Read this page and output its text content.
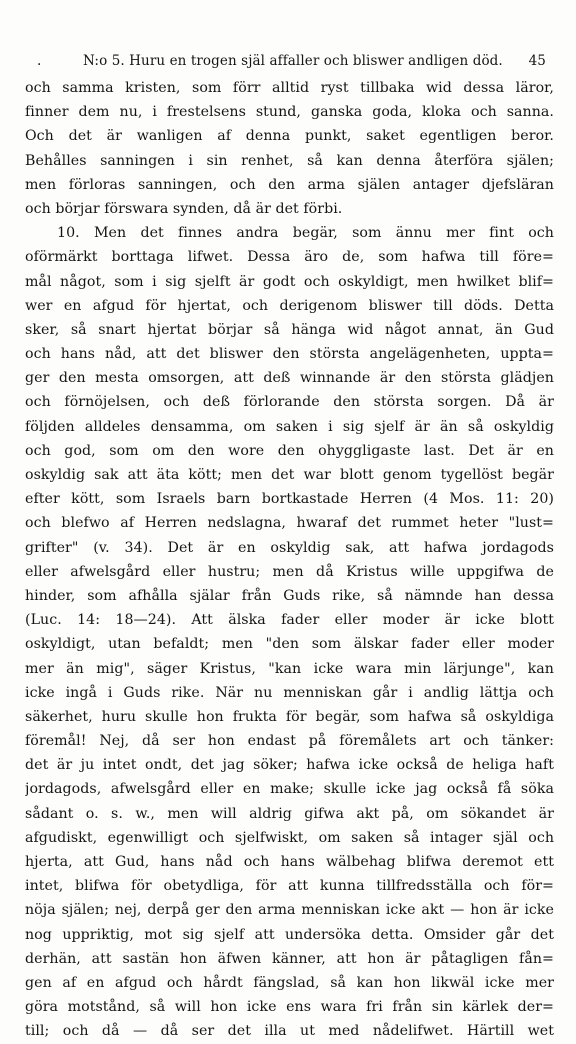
.	N:o 5. Huru en trogen själ affaller och bliswer andligen död. 45
och samma kristen, som förr alltid ryst tillbaka wid dessa läror,
finner dem nu, i frestelsens stund, ganska goda, kloka och sanna.
Och det är wanligen af denna punkt, saket egentligen beror.
Behålles sanningen i sin renhet, så kan denna återföra själen;
men förloras sanningen, och den arma själen antager djefsläran
och börjar förswara synden, då är det förbi.
10. Men det finnes andra begär, som ännu mer fint och
oförmärkt borttaga lifwet. Dessa äro de, som hafwa till före=
mål något, som i sig sjelft är godt och oskyldigt, men hwilket blif=
wer en afgud för hjertat, och derigenom bliswer till döds. Detta
sker, så snart hjertat börjar så hänga wid något annat, än Gud
och hans nåd, att det bliswer den största angelägenheten, uppta=
ger den mesta omsorgen, att deß winnande är den största glädjen
och förnöjelsen, och deß förlorande den största sorgen. Då är
följden alldeles densamma, om saken i sig sjelf är än så oskyldig
och god, som om den wore den ohyggligaste last. Det är en
oskyldig sak att äta kött; men det war blott genom tygellöst begär
efter kött, som Israels barn bortkastade Herren (4 Mos. 11: 20)
och blefwo af Herren nedslagna, hwaraf det rummet heter "lust=
grifter" (v. 34). Det är en oskyldig sak, att hafwa jordagods
eller afwelsgård eller hustru; men då Kristus wille uppgifwa de
hinder, som afhålla själar från Guds rike, så nämnde han dessa
(Luc. 14: 18—24). Att älska fader eller moder är icke blott
oskyldigt, utan befaldt; men "den som älskar fader eller moder
mer än mig", säger Kristus, "kan icke wara min lärjunge", kan
icke ingå i Guds rike. När nu menniskan går i andlig lättja och
säkerhet, huru skulle hon frukta för begär, som hafwa så oskyldiga
föremål! Nej, då ser hon endast på föremålets art och tänker:
det är ju intet ondt, det jag söker; hafwa icke också de heliga haft
jordagods, afwelsgård eller en make; skulle icke jag också få söka
sådant o. s. w., men will aldrig gifwa akt på, om sökandet är
afgudiskt, egenwilligt och sjelfwiskt, om saken så intager själ och
hjerta, att Gud, hans nåd och hans wälbehag blifwa deremot ett
intet, blifwa för obetydliga, för att kunna tillfredsställa och för=
nöja själen; nej, derpå ger den arma menniskan icke akt — hon är icke
nog uppriktig, mot sig sjelf att undersöka detta. Omsider går det
derhän, att sastän hon äfwen känner, att hon är påtagligen fån=
gen af en afgud och hårdt fängslad, så kan hon likwäl icke mer
göra motstånd, så will hon icke ens wara fri från sin kärlek der=
till; och då — då ser det illa ut med nådelifwet. Härtill wet
